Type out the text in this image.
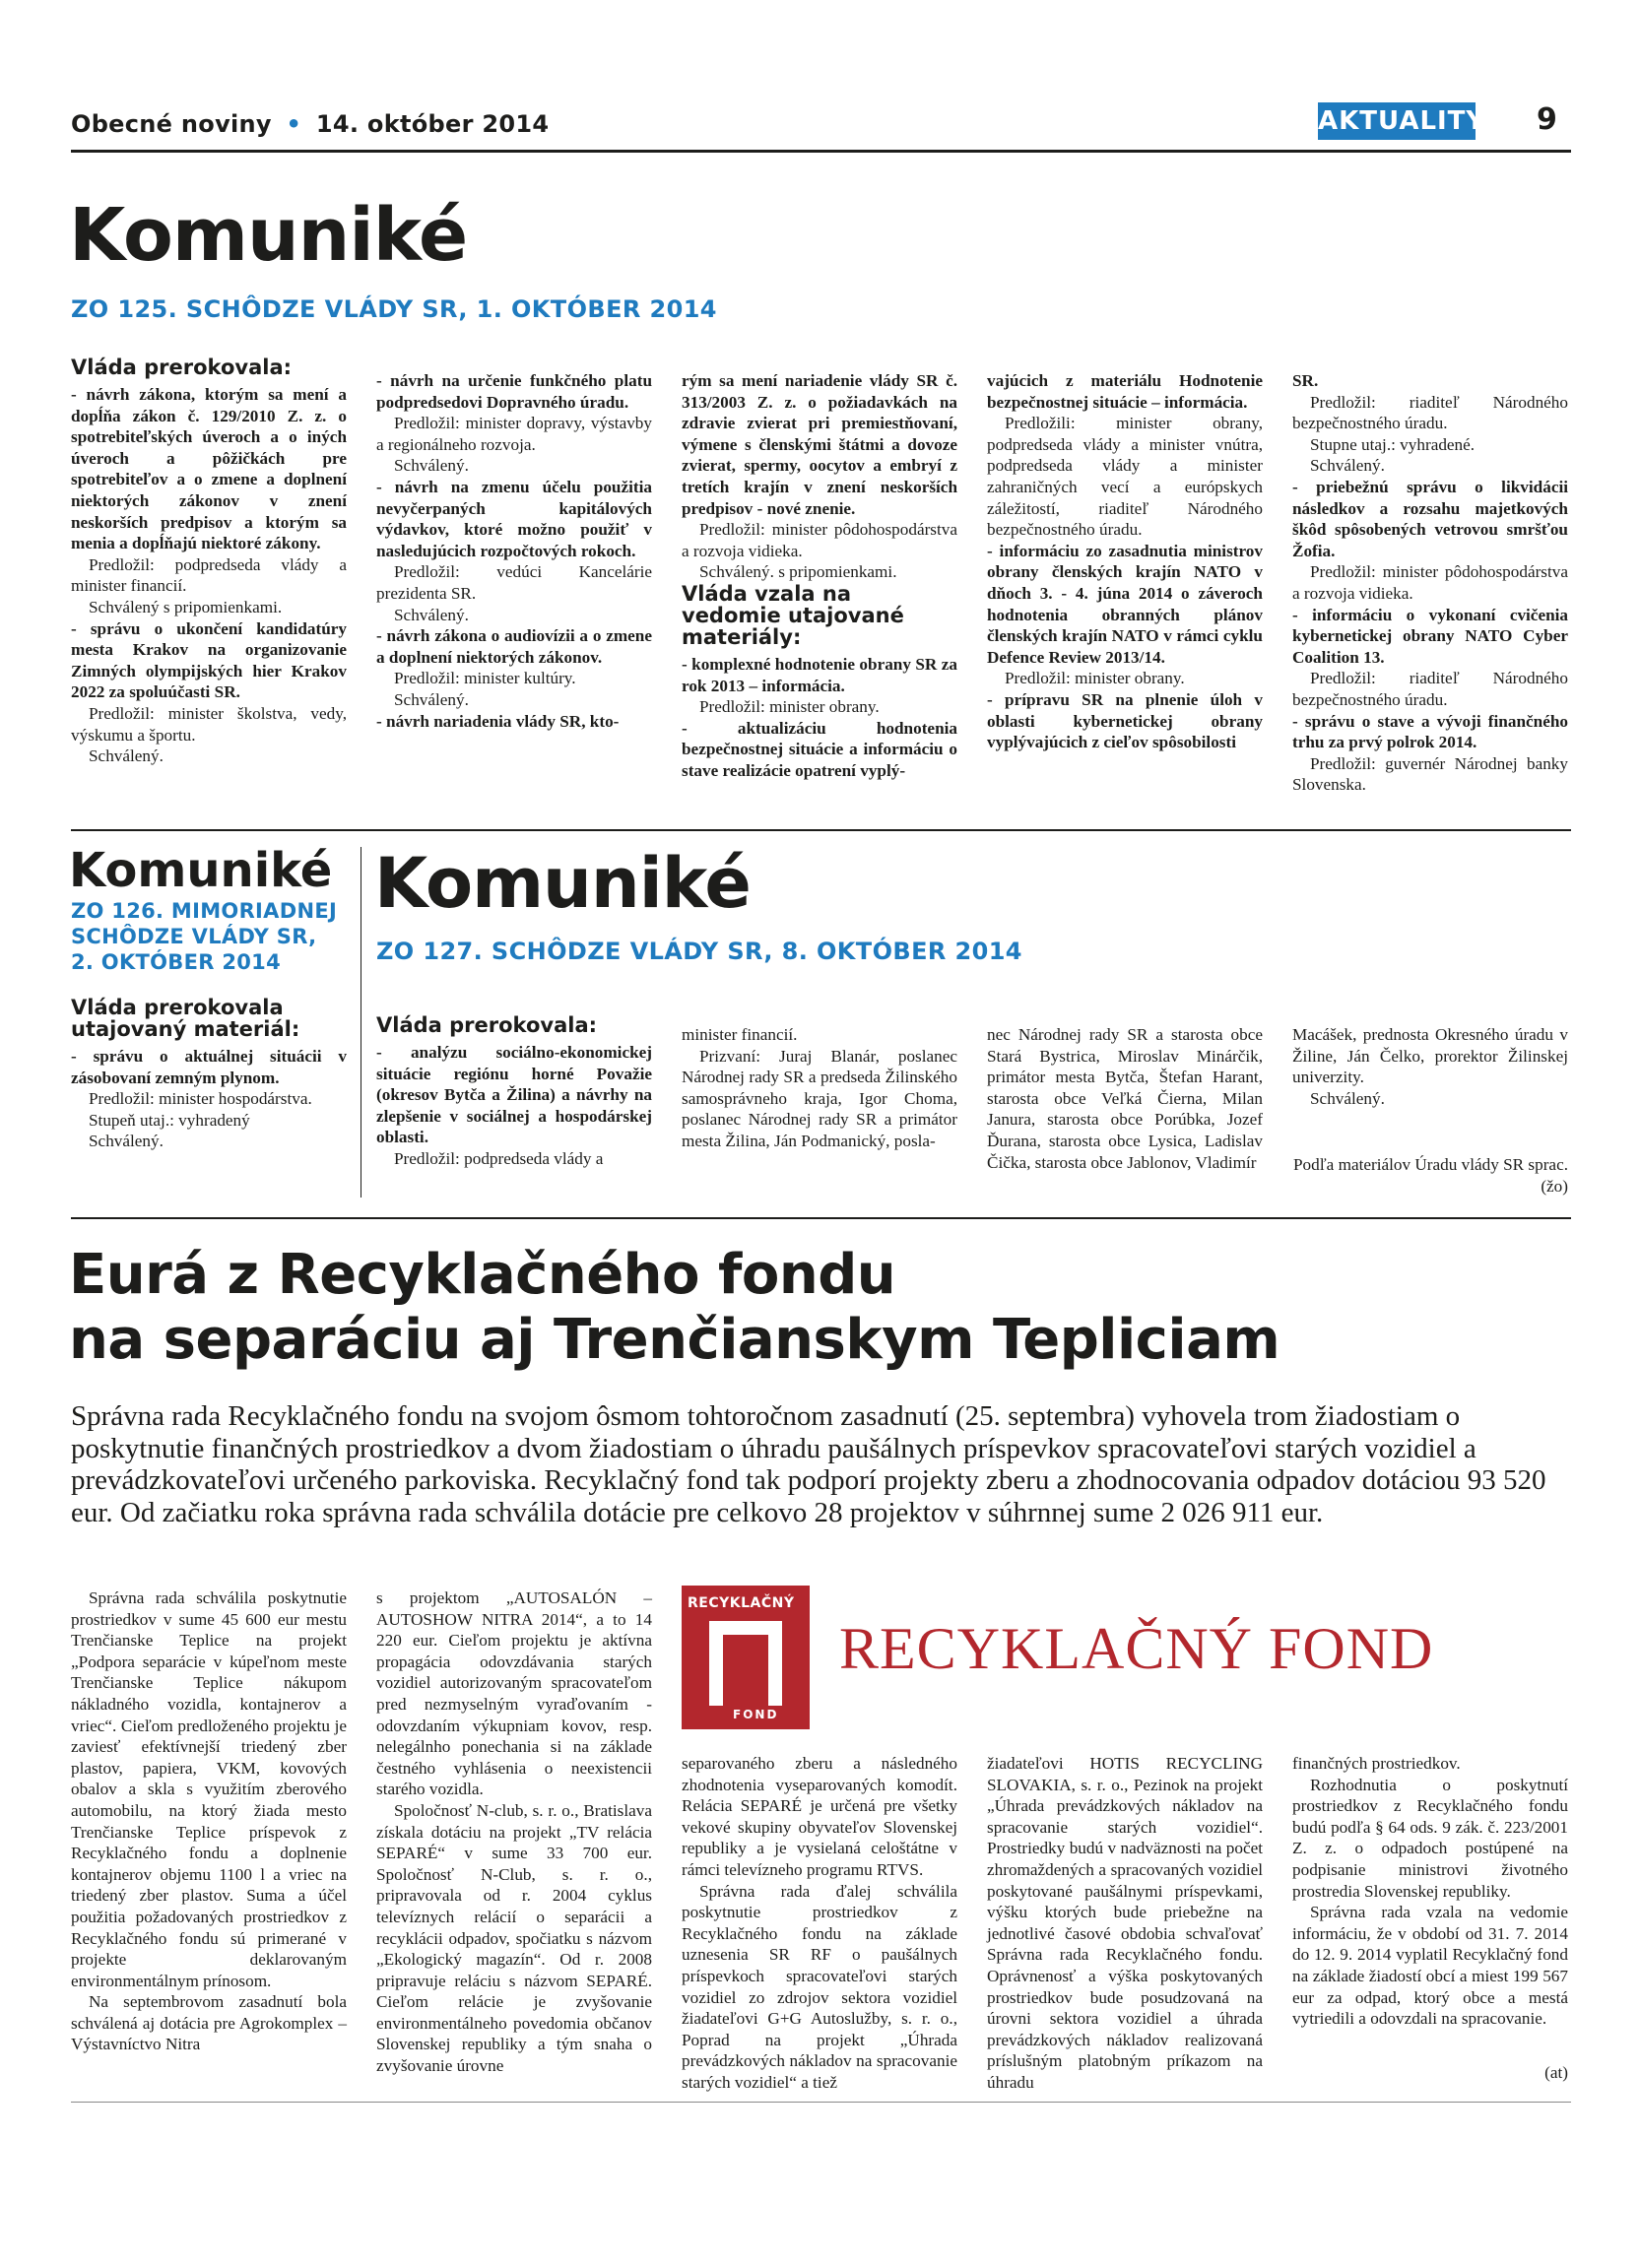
Obecné noviny • 14. október 2014	AKTUALITY 9
Komuniké
ZO 125. SCHÔDZE VLÁDY SR, 1. OKTÓBER 2014

Vláda prerokovala:

- návrh zákona, ktorým sa mení a dopĺňa zákon č. 129/2010 Z. z. o spotrebiteľských úveroch a o iných úveroch a pôžičkách pre spotrebiteľov a o zmene a doplnení niektorých zákonov v znení neskorších predpisov a ktorým sa menia a dopĺňajú niektoré zákony.

Predložil: podpredseda vlády a minister financií.

Schválený s pripomienkami.

- správu o ukončení kandidatúry mesta Krakov na organizovanie Zimných olympijských hier Krakov 2022 za spoluúčasti SR.

Predložil: minister školstva, vedy, výskumu a športu.

Schválený.

- návrh na určenie funkčného platu podpredsedovi Dopravného úradu.

Predložil: minister dopravy, výstavby a regionálneho rozvoja.

Schválený.

- návrh na zmenu účelu použitia nevyčerpaných kapitálových výdavkov, ktoré možno použiť v nasledujúcich rozpočtových rokoch.

Predložil: vedúci Kancelárie prezidenta SR.

Schválený.

- návrh zákona o audiovízii a o zmene a doplnení niektorých zákonov.

Predložil: minister kultúry.

Schválený.

- návrh nariadenia vlády SR, kto-

rým sa mení nariadenie vlády SR č. 313/2003 Z. z. o požiadavkách na zdravie zvierat pri premiestňovaní, výmene s členskými štátmi a dovoze zvierat, spermy, oocytov a embryí z tretích krajín v znení neskorších predpisov - nové znenie.

Predložil: minister pôdohospodárstva a rozvoja vidieka.

Schválený. s pripomienkami.

Vláda vzala na vedomie utajované materiály:

- komplexné hodnotenie obrany SR za rok 2013 – informácia.

Predložil: minister obrany.

- aktualizáciu hodnotenia bezpečnostnej situácie a informáciu o stave realizácie opatrení vyplý-

vajúcich z materiálu Hodnotenie bezpečnostnej situácie – informácia.

Predložili: minister obrany, podpredseda vlády a minister vnútra, podpredseda vlády a minister zahraničných vecí a európskych záležitostí, riaditeľ Národného bezpečnostného úradu.

- informáciu zo zasadnutia ministrov obrany členských krajín NATO v dňoch 3. - 4. júna 2014 o záveroch hodnotenia obranných plánov členských krajín NATO v rámci cyklu Defence Review 2013/14.

Predložil: minister obrany.

- prípravu SR na plnenie úloh v oblasti kybernetickej obrany vyplývajúcich z cieľov spôsobilosti

SR.

Predložil: riaditeľ Národného bezpečnostného úradu.

Stupne utaj.: vyhradené.

Schválený.

- priebežnú správu o likvidácii následkov a rozsahu majetkových škôd spôsobených vetrovou smršťou Žofia.

Predložil: minister pôdohospodárstva a rozvoja vidieka.

- informáciu o vykonaní cvičenia kybernetickej obrany NATO Cyber Coalition 13.

Predložil: riaditeľ Národného bezpečnostného úradu.

- správu o stave a vývoji finančného trhu za prvý polrok 2014.

Predložil: guvernér Národnej banky Slovenska.

Komuniké
ZO 126. MIMORIADNEJ
SCHÔDZE VLÁDY SR,
2. OKTÓBER 2014

Vláda prerokovala utajovaný materiál:

- správu o aktuálnej situácii v zásobovaní zemným plynom.

Predložil: minister hospodárstva.

Stupeň utaj.: vyhradený

Schválený.

Komuniké
ZO 127. SCHÔDZE VLÁDY SR, 8. OKTÓBER 2014

Vláda prerokovala:

- analýzu sociálno-ekonomickej situácie regiónu horné Považie (okresov Bytča a Žilina) a návrhy na zlepšenie v sociálnej a hospodárskej oblasti.

Predložil: podpredseda vlády a

minister financií.

Prizvaní: Juraj Blanár, poslanec Národnej rady SR a predseda Žilinského samosprávneho kraja, Igor Choma, poslanec Národnej rady SR a primátor mesta Žilina, Ján Podmanický, posla-

nec Národnej rady SR a starosta obce Stará Bystrica, Miroslav Minárčik, primátor mesta Bytča, Štefan Harant, starosta obce Veľká Čierna, Milan Janura, starosta obce Porúbka, Jozef Ďurana, starosta obce Lysica, Ladislav Čička, starosta obce Jablonov, Vladimír

Macášek, prednosta Okresného úradu v Žiline, Ján Čelko, prorektor Žilinskej univerzity.

Schválený.

Podľa materiálov Úradu vlády SR sprac. (žo)
Eurá z Recyklačného fondu
na separáciu aj Trenčianskym Tepliciam
Správna rada Recyklačného fondu na svojom ôsmom tohtoročnom zasadnutí (25. septembra) vyhovela trom žiadostiam o poskytnutie finančných prostriedkov a dvom žiadostiam o úhradu paušálnych príspevkov spracovateľovi starých vozidiel a prevádzkovateľovi určeného parkoviska. Recyklačný fond tak podporí projekty zberu a zhodnocovania odpadov dotáciou 93 520 eur. Od začiatku roka správna rada schválila dotácie pre celkovo 28 projektov v súhrnnej sume 2 026 911 eur.
RECYKLAČNÝ
FOND
RECYKLAČNÝ FOND

Správna rada schválila poskytnutie prostriedkov v sume 45 600 eur mestu Trenčianske Teplice na projekt „Podpora separácie v kúpeľnom meste Trenčianske Teplice nákupom nákladného vozidla, kontajnerov a vriec“. Cieľom predloženého projektu je zaviesť efektívnejší triedený zber plastov, papiera, VKM, kovových obalov a skla s využitím zberového automobilu, na ktorý žiada mesto Trenčianske Teplice príspevok z Recyklačného fondu a doplnenie kontajnerov objemu 1100 l a vriec na triedený zber plastov. Suma a účel použitia požadovaných prostriedkov z Recyklačného fondu sú primerané v projekte deklarovaným environmentálnym prínosom.

Na septembrovom zasadnutí bola schválená aj dotácia pre Agrokomplex – Výstavníctvo Nitra

s projektom „AUTOSALÓN – AUTOSHOW NITRA 2014“, a to 14 220 eur. Cieľom projektu je aktívna propagácia odovzdávania starých vozidiel autorizovaným spracovateľom pred nezmyselným vyraďovaním - odovzdaním výkupniam kovov, resp. nelegálnho ponechania si na základe čestného vyhlásenia o neexistencii starého vozidla.

Spoločnosť N-club, s. r. o., Bratislava získala dotáciu na projekt „TV relácia SEPARÉ“ v sume 33 700 eur. Spoločnosť N-Club, s. r. o., pripravovala od r. 2004 cyklus televíznych relácií o separácii a recyklácii odpadov, spočiatku s názvom „Ekologický magazín“. Od r. 2008 pripravuje reláciu s názvom SEPARÉ. Cieľom relácie je zvyšovanie environmentálneho povedomia občanov Slovenskej republiky a tým snaha o zvyšovanie úrovne

separovaného zberu a následného zhodnotenia vyseparovaných komodít. Relácia SEPARÉ je určená pre všetky vekové skupiny obyvateľov Slovenskej republiky a je vysielaná celoštátne v rámci televízneho programu RTVS.

Správna rada ďalej schválila poskytnutie prostriedkov z Recyklačného fondu na základe uznesenia SR RF o paušálnych príspevkoch spracovateľovi starých vozidiel zo zdrojov sektora vozidiel žiadateľovi G+G Autoslužby, s. r. o., Poprad na projekt „Úhrada prevádzkových nákladov na spracovanie starých vozidiel“ a tiež

žiadateľovi HOTIS RECYCLING SLOVAKIA, s. r. o., Pezinok na projekt „Úhrada prevádzkových nákladov na spracovanie starých vozidiel“. Prostriedky budú v nadväznosti na počet zhromaždených a spracovaných vozidiel poskytované paušálnymi príspevkami, výšku ktorých bude priebežne na jednotlivé časové obdobia schvaľovať Správna rada Recyklačného fondu. Oprávnenosť a výška poskytovaných prostriedkov bude posudzovaná na úrovni sektora vozidiel a úhrada prevádzkových nákladov realizovaná príslušným platobným príkazom na úhradu

finančných prostriedkov.

Rozhodnutia o poskytnutí prostriedkov z Recyklačného fondu budú podľa § 64 ods. 9 zák. č. 223/2001 Z. z. o odpadoch postúpené na podpisanie ministrovi životného prostredia Slovenskej republiky.

Správna rada vzala na vedomie informáciu, že v období od 31. 7. 2014 do 12. 9. 2014 vyplatil Recyklačný fond na základe žiadostí obcí a miest 199 567 eur za odpad, ktorý obce a mestá vytriedili a odovzdali na spracovanie.

(at)
